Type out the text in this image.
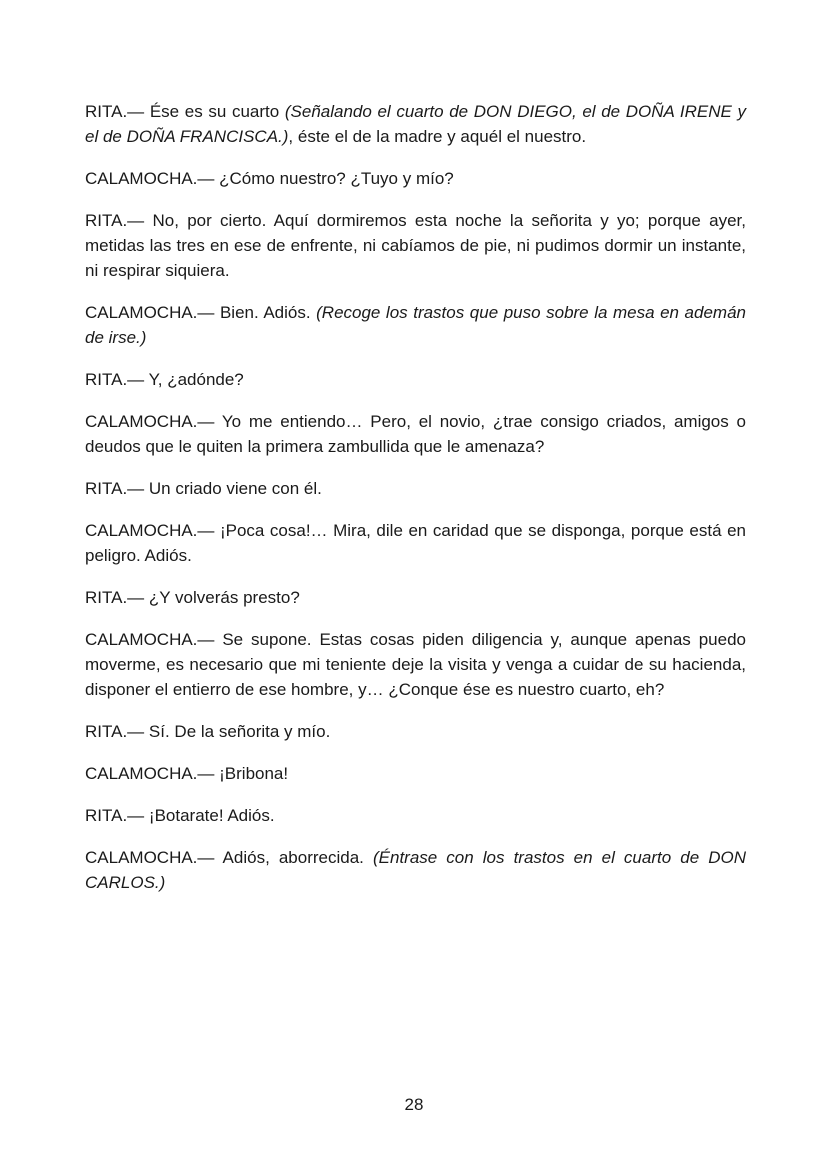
RITA.— Ése es su cuarto (Señalando el cuarto de DON DIEGO, el de DOÑA IRENE y el de DOÑA FRANCISCA.), éste el de la madre y aquél el nuestro.

CALAMOCHA.— ¿Cómo nuestro? ¿Tuyo y mío?

RITA.— No, por cierto. Aquí dormiremos esta noche la señorita y yo; porque ayer, metidas las tres en ese de enfrente, ni cabíamos de pie, ni pudimos dormir un instante, ni respirar siquiera.

CALAMOCHA.— Bien. Adiós. (Recoge los trastos que puso sobre la mesa en ademán de irse.)

RITA.— Y, ¿adónde?

CALAMOCHA.— Yo me entiendo… Pero, el novio, ¿trae consigo criados, amigos o deudos que le quiten la primera zambullida que le amenaza?

RITA.— Un criado viene con él.

CALAMOCHA.— ¡Poca cosa!… Mira, dile en caridad que se disponga, porque está en peligro. Adiós.

RITA.— ¿Y volverás presto?

CALAMOCHA.— Se supone. Estas cosas piden diligencia y, aunque apenas puedo moverme, es necesario que mi teniente deje la visita y venga a cuidar de su hacienda, disponer el entierro de ese hombre, y… ¿Conque ése es nuestro cuarto, eh?

RITA.— Sí. De la señorita y mío.

CALAMOCHA.— ¡Bribona!

RITA.— ¡Botarate! Adiós.

CALAMOCHA.— Adiós, aborrecida. (Éntrase con los trastos en el cuarto de DON CARLOS.)

28
